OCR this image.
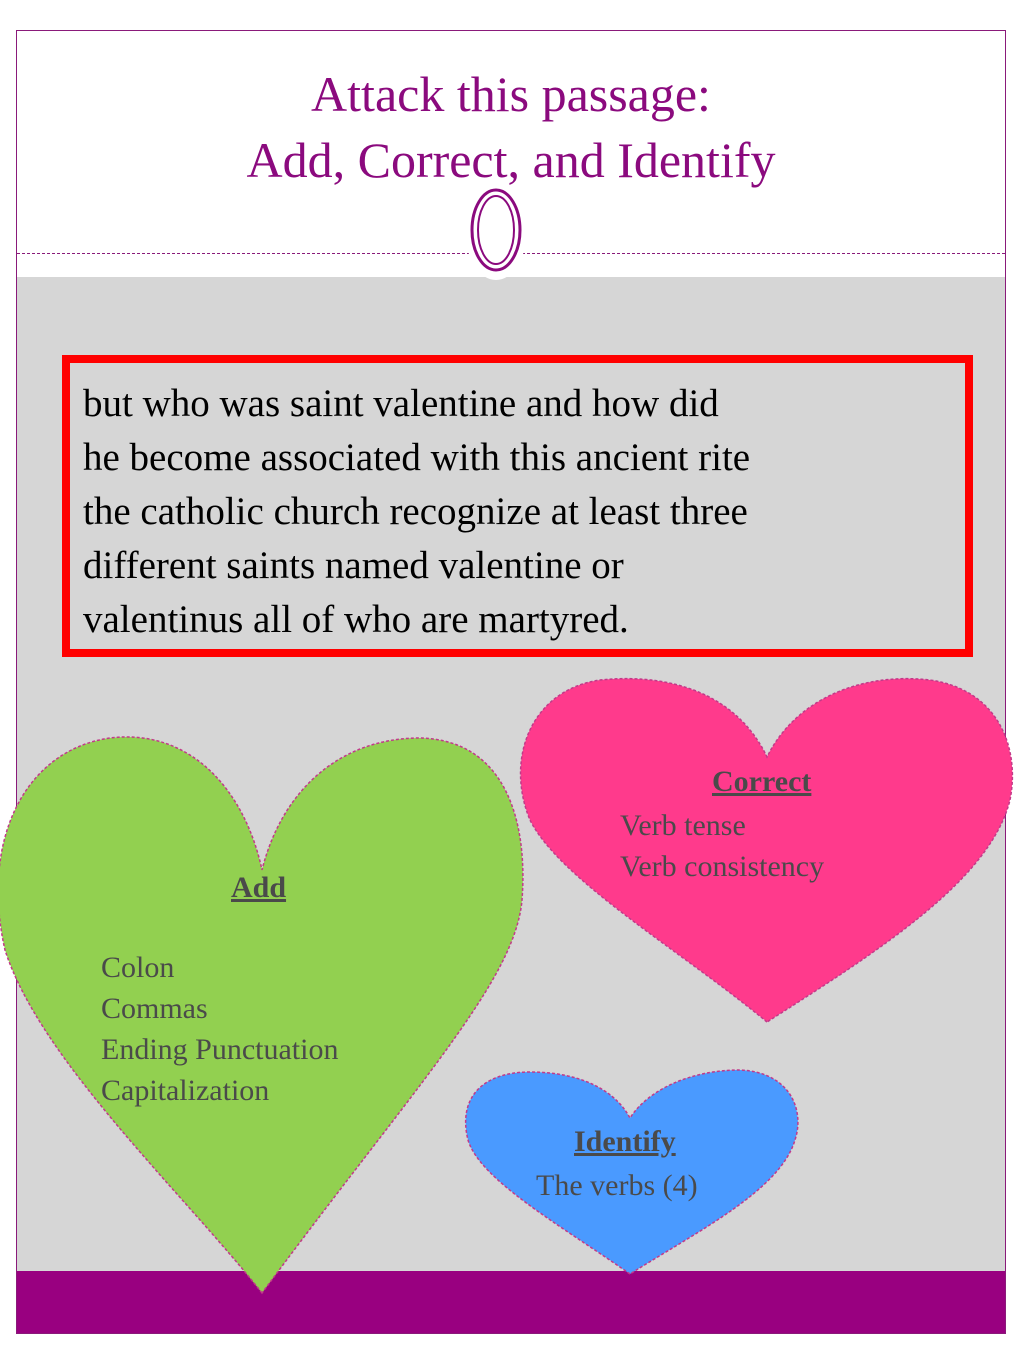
Attack this passage:
Add, Correct, and Identify
but who was saint valentine and how did
he become associated with this ancient rite
the catholic church recognize at least three
different saints named valentine or
valentinus all of who are martyred.
Add
Colon
Commas
Ending Punctuation
Capitalization
Correct
Verb tense
Verb consistency
Identify
The verbs (4)
